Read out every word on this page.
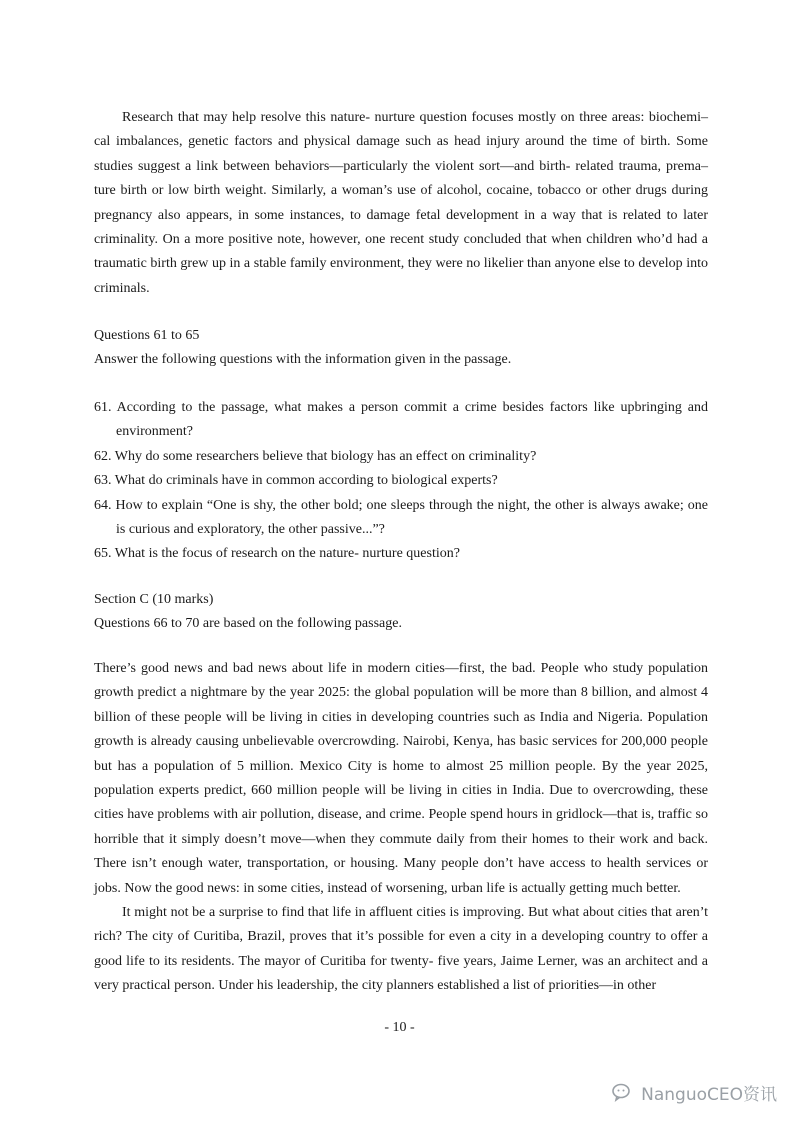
Research that may help resolve this nature- nurture question focuses mostly on three areas: biochemi–cal imbalances, genetic factors and physical damage such as head injury around the time of birth. Some studies suggest a link between behaviors—particularly the violent sort—and birth- related trauma, prema–ture birth or low birth weight. Similarly, a woman’s use of alcohol, cocaine, tobacco or other drugs during pregnancy also appears, in some instances, to damage fetal development in a way that is related to later criminality. On a more positive note, however, one recent study concluded that when children who’d had a traumatic birth grew up in a stable family environment, they were no likelier than anyone else to develop into criminals.

Questions 61 to 65
Answer the following questions with the information given in the passage.
61. According to the passage, what makes a person commit a crime besides factors like upbringing and environment?
62. Why do some researchers believe that biology has an effect on criminality?
63. What do criminals have in common according to biological experts?
64. How to explain “One is shy, the other bold; one sleeps through the night, the other is always awake; one is curious and exploratory, the other passive...”?
65. What is the focus of research on the nature- nurture question?
Section C (10 marks)
Questions 66 to 70 are based on the following passage.

There’s good news and bad news about life in modern cities—first, the bad. People who study population growth predict a nightmare by the year 2025: the global population will be more than 8 billion, and almost 4 billion of these people will be living in cities in developing countries such as India and Nigeria. Population growth is already causing unbelievable overcrowding. Nairobi, Kenya, has basic services for 200,000 people but has a population of 5 million. Mexico City is home to almost 25 million people. By the year 2025, population experts predict, 660 million people will be living in cities in India. Due to overcrowding, these cities have problems with air pollution, disease, and crime. People spend hours in gridlock—that is, traffic so horrible that it simply doesn’t move—when they commute daily from their homes to their work and back. There isn’t enough water, transportation, or housing. Many people don’t have access to health services or jobs. Now the good news: in some cities, instead of worsening, urban life is actually getting much better.

It might not be a surprise to find that life in affluent cities is improving. But what about cities that aren’t rich? The city of Curitiba, Brazil, proves that it’s possible for even a city in a developing country to offer a good life to its residents. The mayor of Curitiba for twenty- five years, Jaime Lerner, was an architect and a very practical person. Under his leadership, the city planners established a list of priorities—in other

- 10 -
NanguoCEO资讯
